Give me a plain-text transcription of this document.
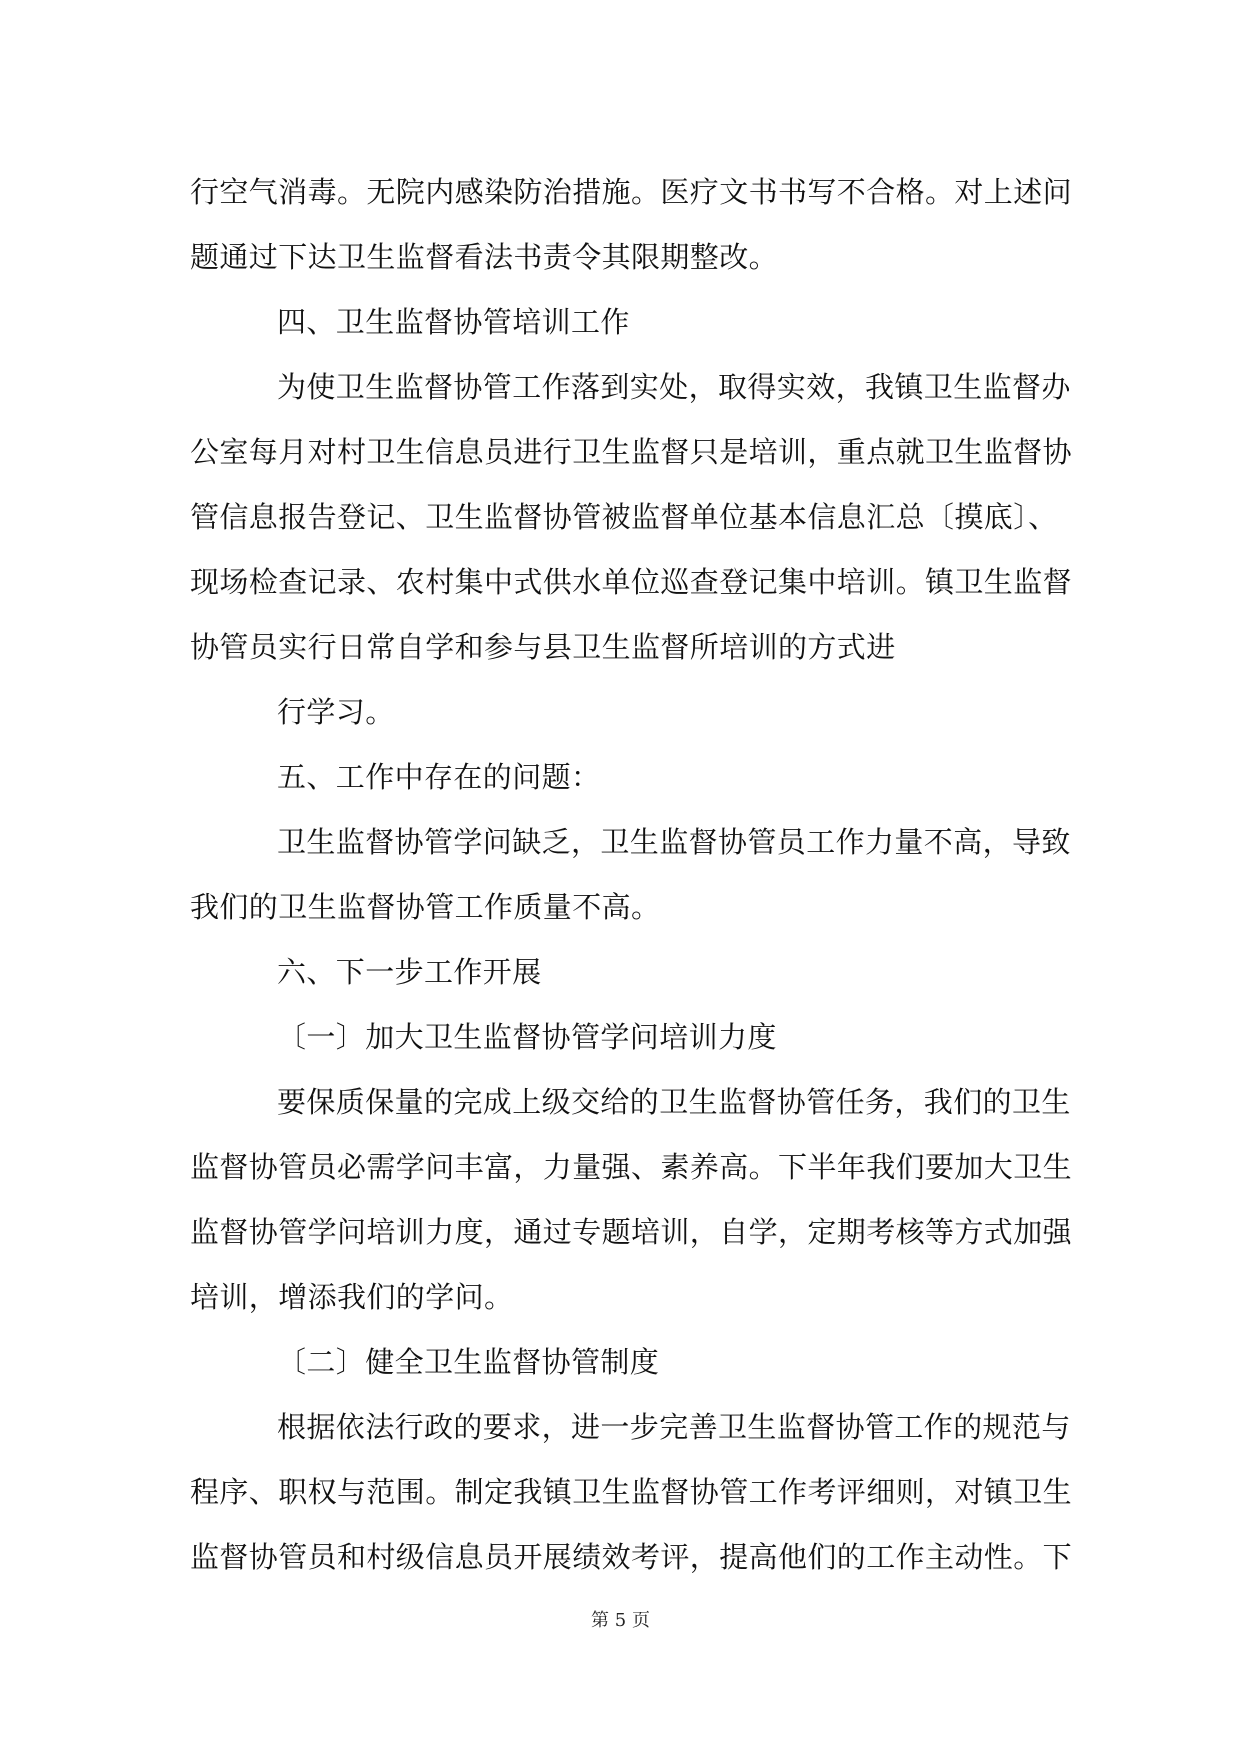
行空气消毒。无院内感染防治措施。医疗文书书写不合格。对上述问
题通过下达卫生监督看法书责令其限期整改。
四、卫生监督协管培训工作
为使卫生监督协管工作落到实处，取得实效，我镇卫生监督办
公室每月对村卫生信息员进行卫生监督只是培训，重点就卫生监督协
管信息报告登记、卫生监督协管被监督单位基本信息汇总〔摸底〕、
现场检查记录、农村集中式供水单位巡查登记集中培训。镇卫生监督
协管员实行日常自学和参与县卫生监督所培训的方式进
行学习。
五、工作中存在的问题：
卫生监督协管学问缺乏，卫生监督协管员工作力量不高，导致
我们的卫生监督协管工作质量不高。
六、下一步工作开展
〔一〕加大卫生监督协管学问培训力度
要保质保量的完成上级交给的卫生监督协管任务，我们的卫生
监督协管员必需学问丰富，力量强、素养高。下半年我们要加大卫生
监督协管学问培训力度，通过专题培训，自学，定期考核等方式加强
培训，增添我们的学问。
〔二〕健全卫生监督协管制度
根据依法行政的要求，进一步完善卫生监督协管工作的规范与
程序、职权与范围。制定我镇卫生监督协管工作考评细则，对镇卫生
监督协管员和村级信息员开展绩效考评，提高他们的工作主动性。下
第 5 页
